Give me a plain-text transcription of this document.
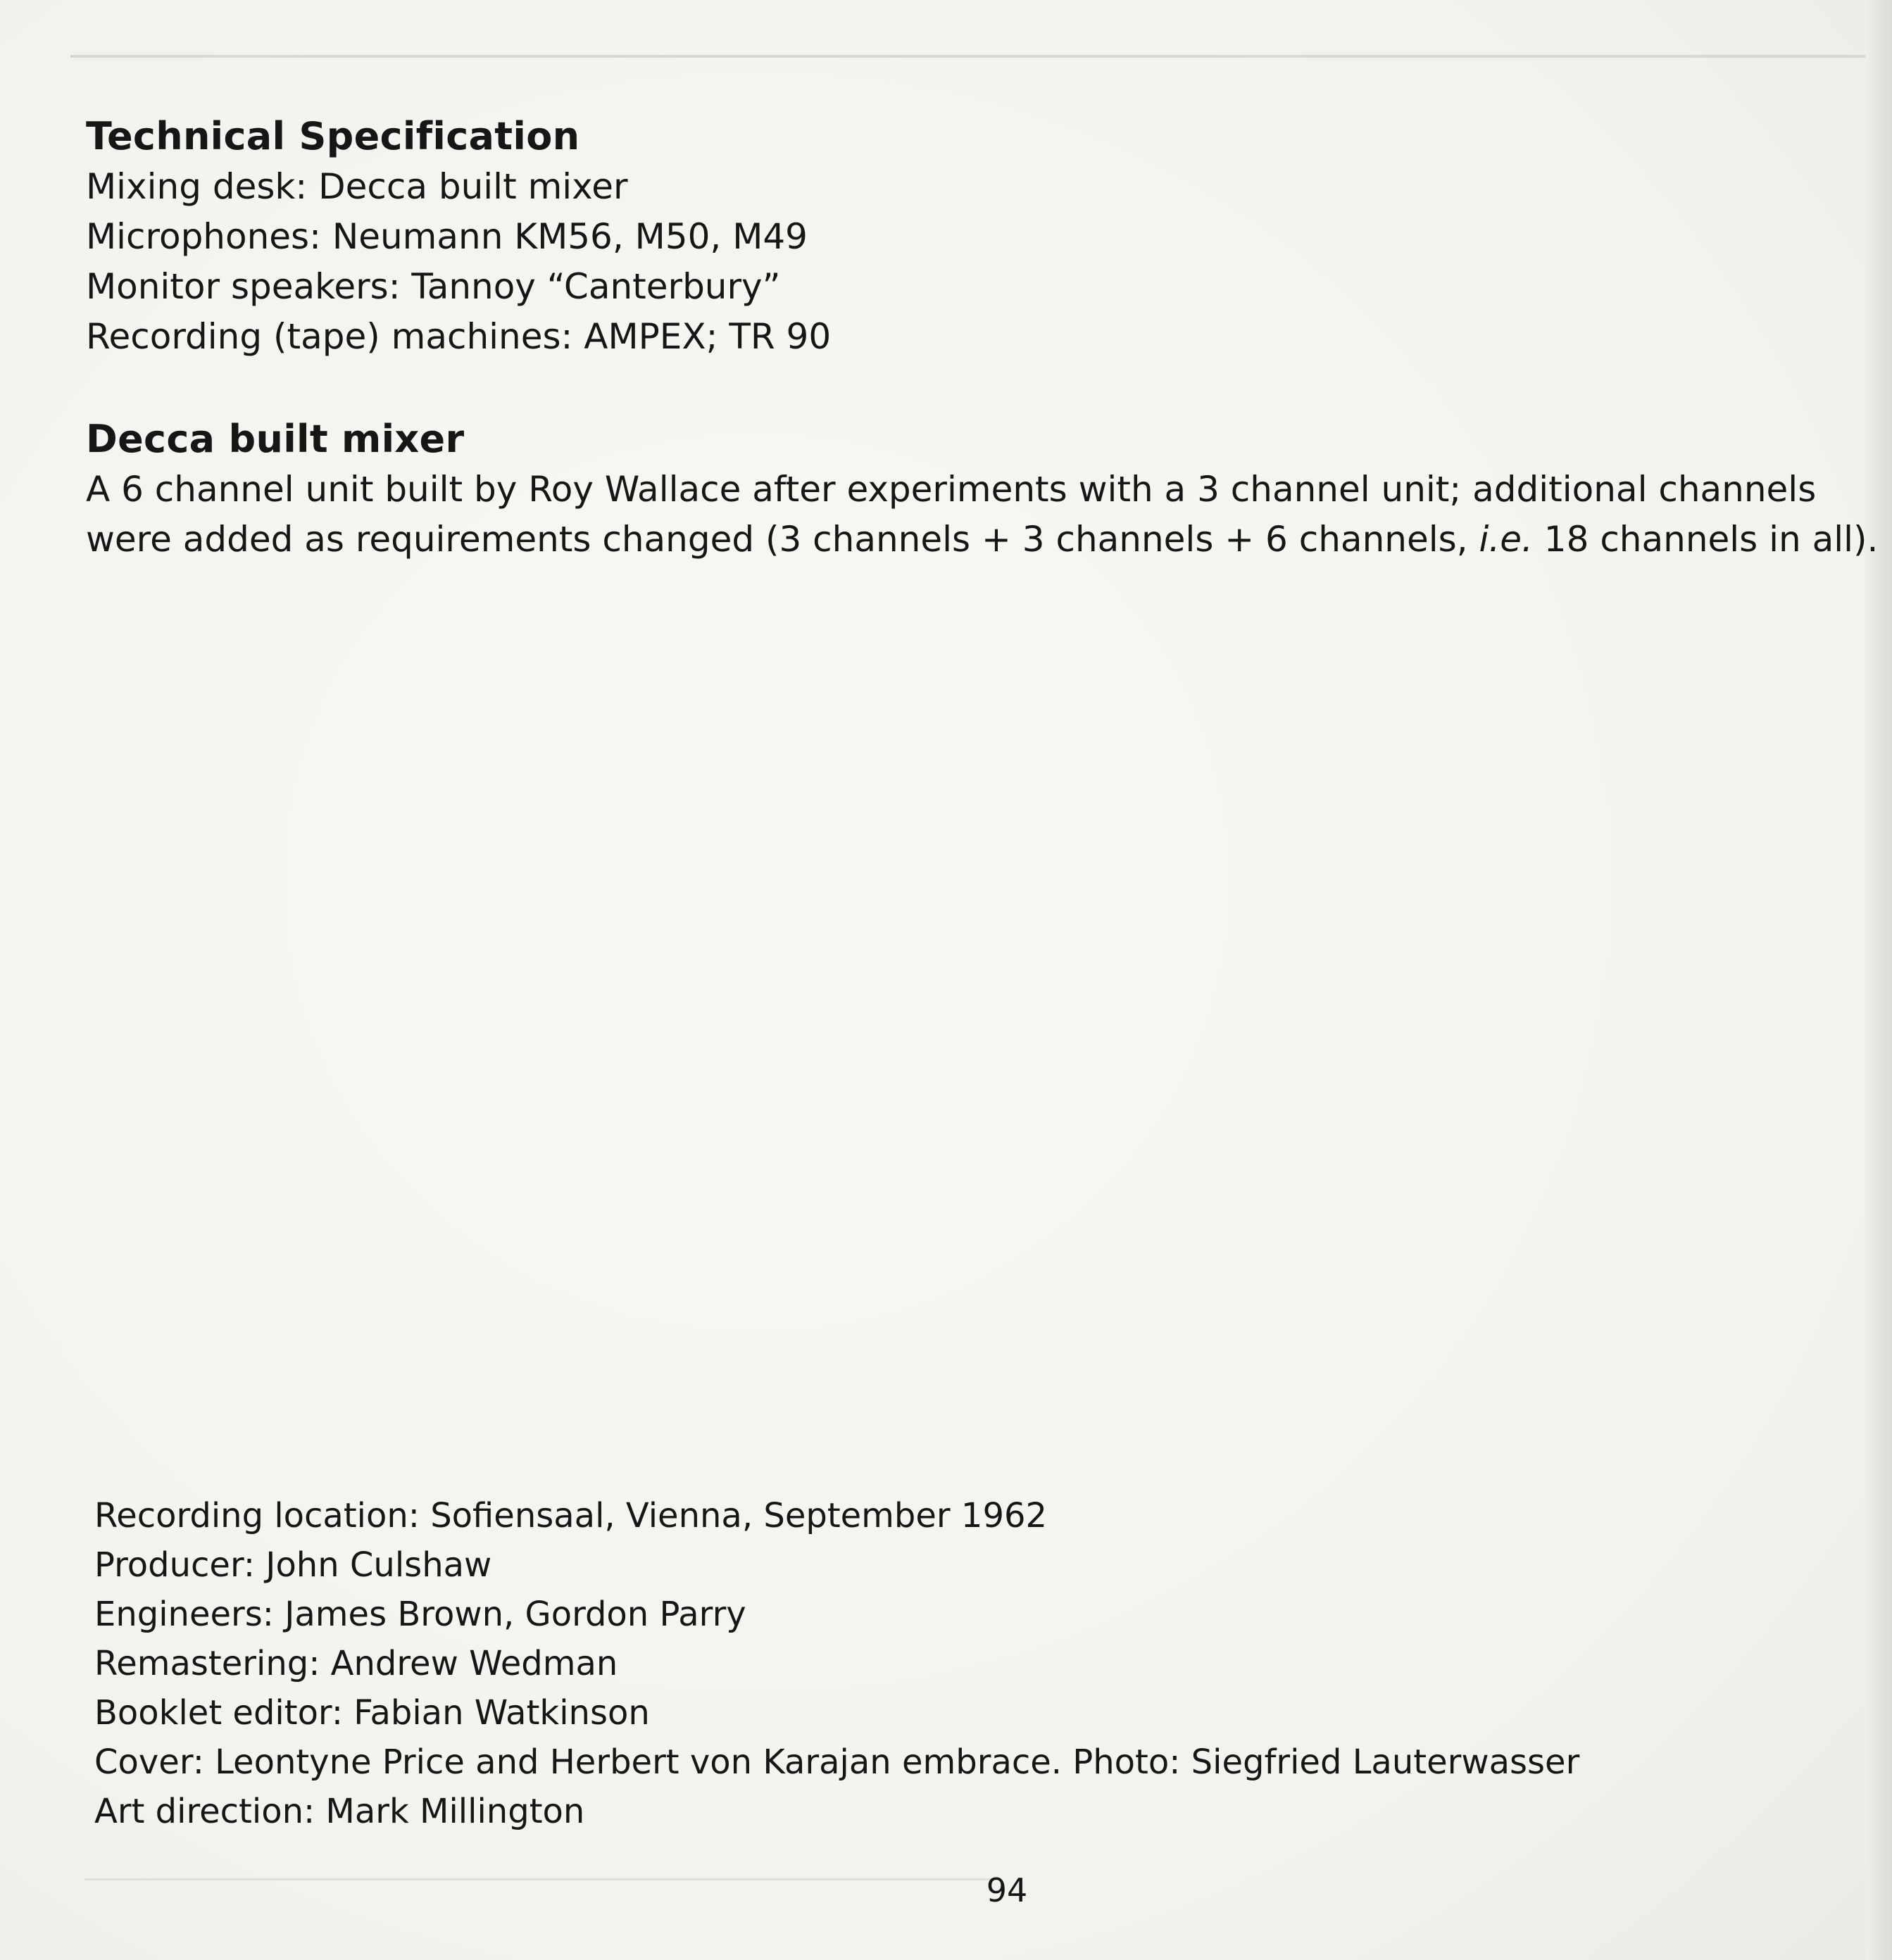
Technical Specification

Mixing desk: Decca built mixer

Microphones: Neumann KM56, M50, M49

Monitor speakers: Tannoy “Canterbury”

Recording (tape) machines: AMPEX; TR 90

Decca built mixer

A 6 channel unit built by Roy Wallace after experiments with a 3 channel unit; additional channels were added as requirements changed (3 channels + 3 channels + 6 channels, i.e. 18 channels in all).

Recording location: Sofiensaal, Vienna, September 1962

Producer: John Culshaw

Engineers: James Brown, Gordon Parry

Remastering: Andrew Wedman

Booklet editor: Fabian Watkinson

Cover: Leontyne Price and Herbert von Karajan embrace. Photo: Siegfried Lauterwasser

Art direction: Mark Millington

94
